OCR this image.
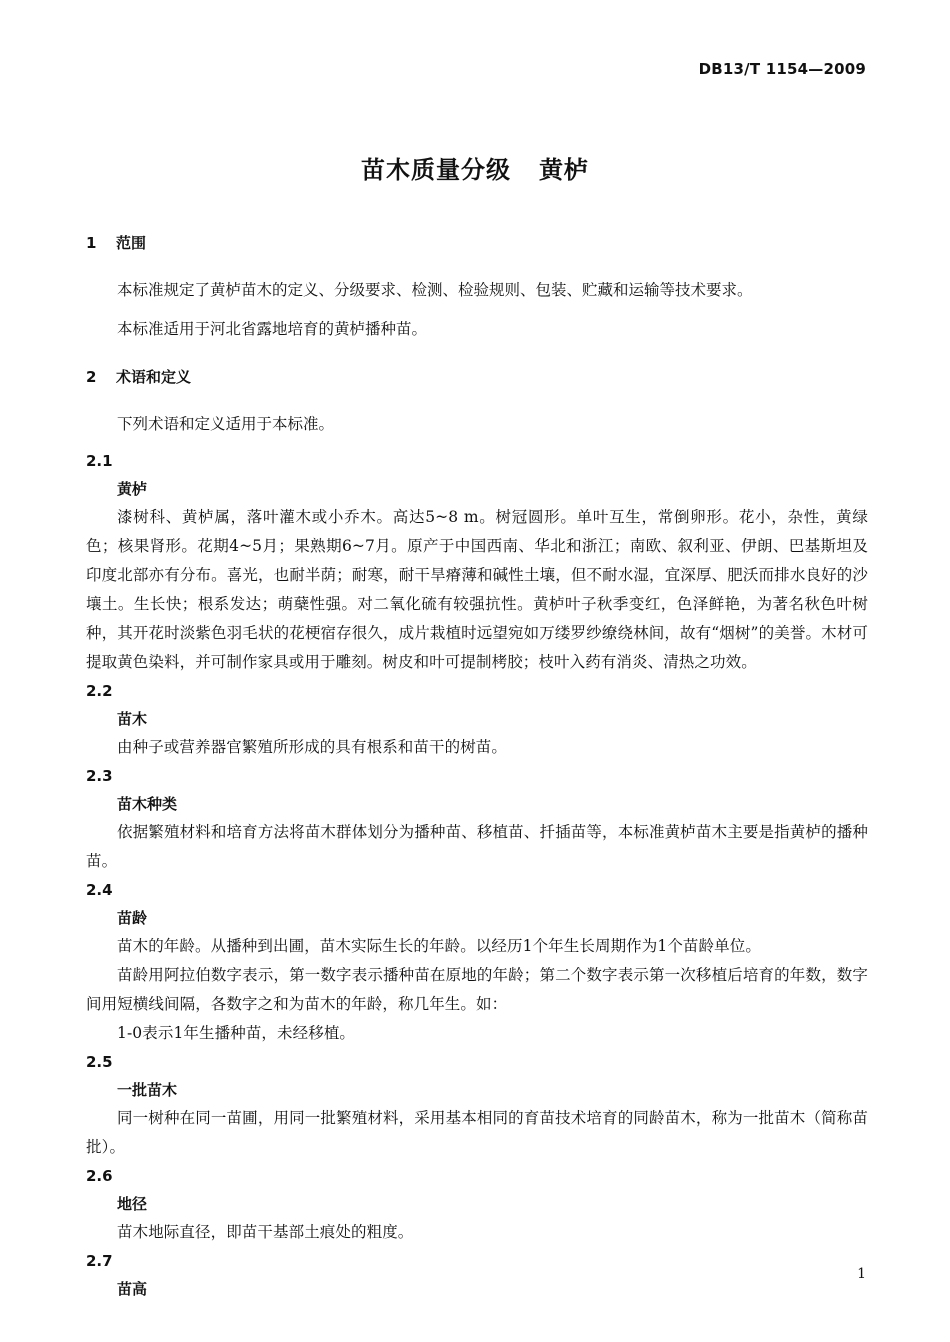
DB13/T 1154—2009
苗木质量分级 黄栌
1 范围

本标准规定了黄栌苗木的定义、分级要求、检测、检验规则、包装、贮藏和运输等技术要求。

本标准适用于河北省露地培育的黄栌播种苗。

2 术语和定义

下列术语和定义适用于本标准。

2.1
黄栌

漆树科、黄栌属，落叶灌木或小乔木。高达5~8 m。树冠圆形。单叶互生，常倒卵形。花小，杂性，黄绿色；核果肾形。花期4~5月；果熟期6~7月。原产于中国西南、华北和浙江；南欧、叙利亚、伊朗、巴基斯坦及印度北部亦有分布。喜光，也耐半荫；耐寒，耐干旱瘠薄和碱性土壤，但不耐水湿，宜深厚、肥沃而排水良好的沙壤土。生长快；根系发达；萌蘖性强。对二氧化硫有较强抗性。黄栌叶子秋季变红，色泽鲜艳，为著名秋色叶树种，其开花时淡紫色羽毛状的花梗宿存很久，成片栽植时远望宛如万缕罗纱缭绕林间，故有“烟树”的美誉。木材可提取黄色染料，并可制作家具或用于雕刻。树皮和叶可提制栲胶；枝叶入药有消炎、清热之功效。

2.2
苗木

由种子或营养器官繁殖所形成的具有根系和苗干的树苗。

2.3
苗木种类

依据繁殖材料和培育方法将苗木群体划分为播种苗、移植苗、扦插苗等，本标准黄栌苗木主要是指黄栌的播种苗。

2.4
苗龄

苗木的年龄。从播种到出圃，苗木实际生长的年龄。以经历1个年生长周期作为1个苗龄单位。

苗龄用阿拉伯数字表示，第一数字表示播种苗在原地的年龄；第二个数字表示第一次移植后培育的年数，数字间用短横线间隔，各数字之和为苗木的年龄，称几年生。如：

1-0表示1年生播种苗，未经移植。

2.5
一批苗木

同一树种在同一苗圃，用同一批繁殖材料，采用基本相同的育苗技术培育的同龄苗木，称为一批苗木（简称苗批）。

2.6
地径

苗木地际直径，即苗干基部土痕处的粗度。

2.7
苗高
1
